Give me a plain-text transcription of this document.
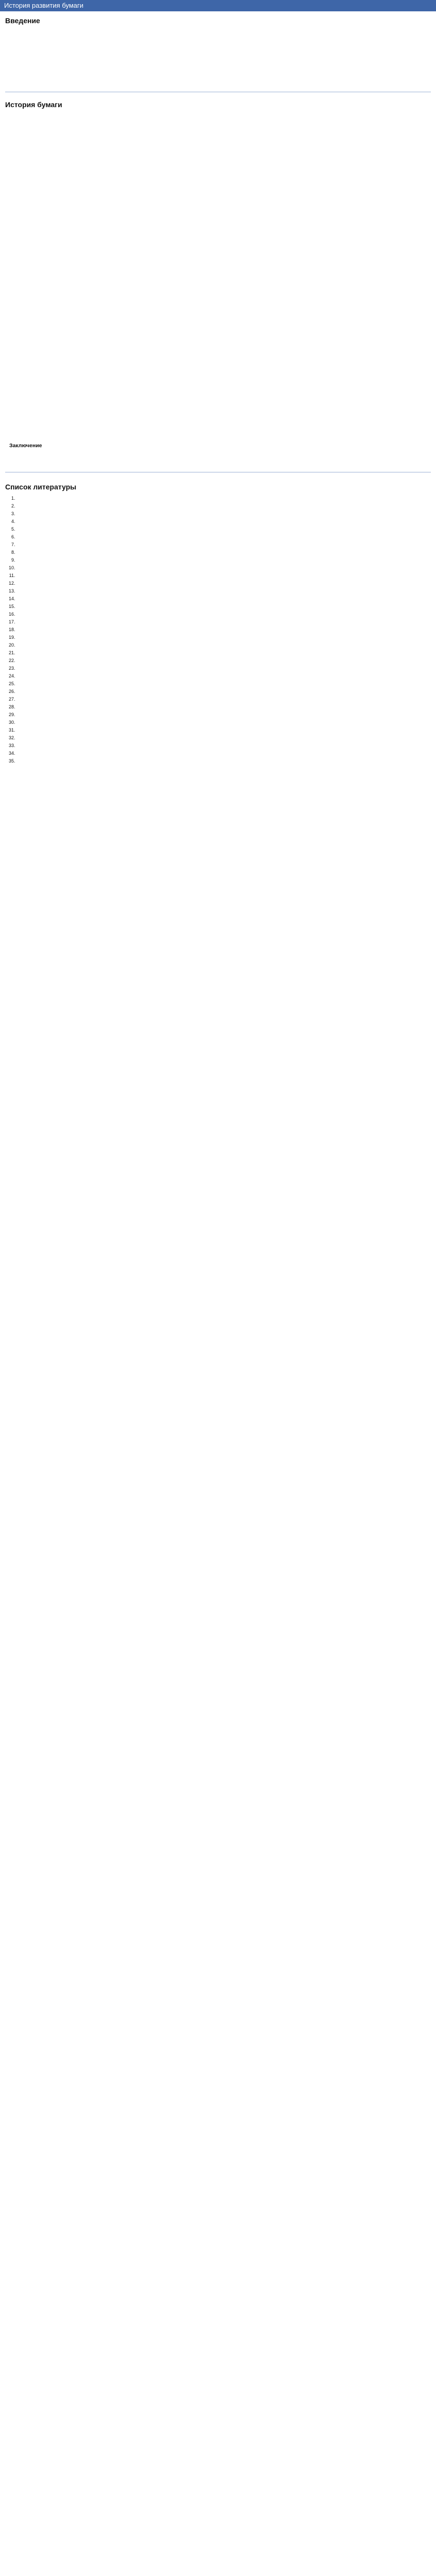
История развития бумаги
Введение

История бумаги

Заключение

Список литературы
1.
2.
3.
4.
5.
6.
7.
8.
9.
10.
11.
12.
13.
14.
15.
16.
17.
18.
19.
20.
21.
22.
23.
24.
25.
26.
27.
28.
29.
30.
31.
32.
33.
34.
35.
